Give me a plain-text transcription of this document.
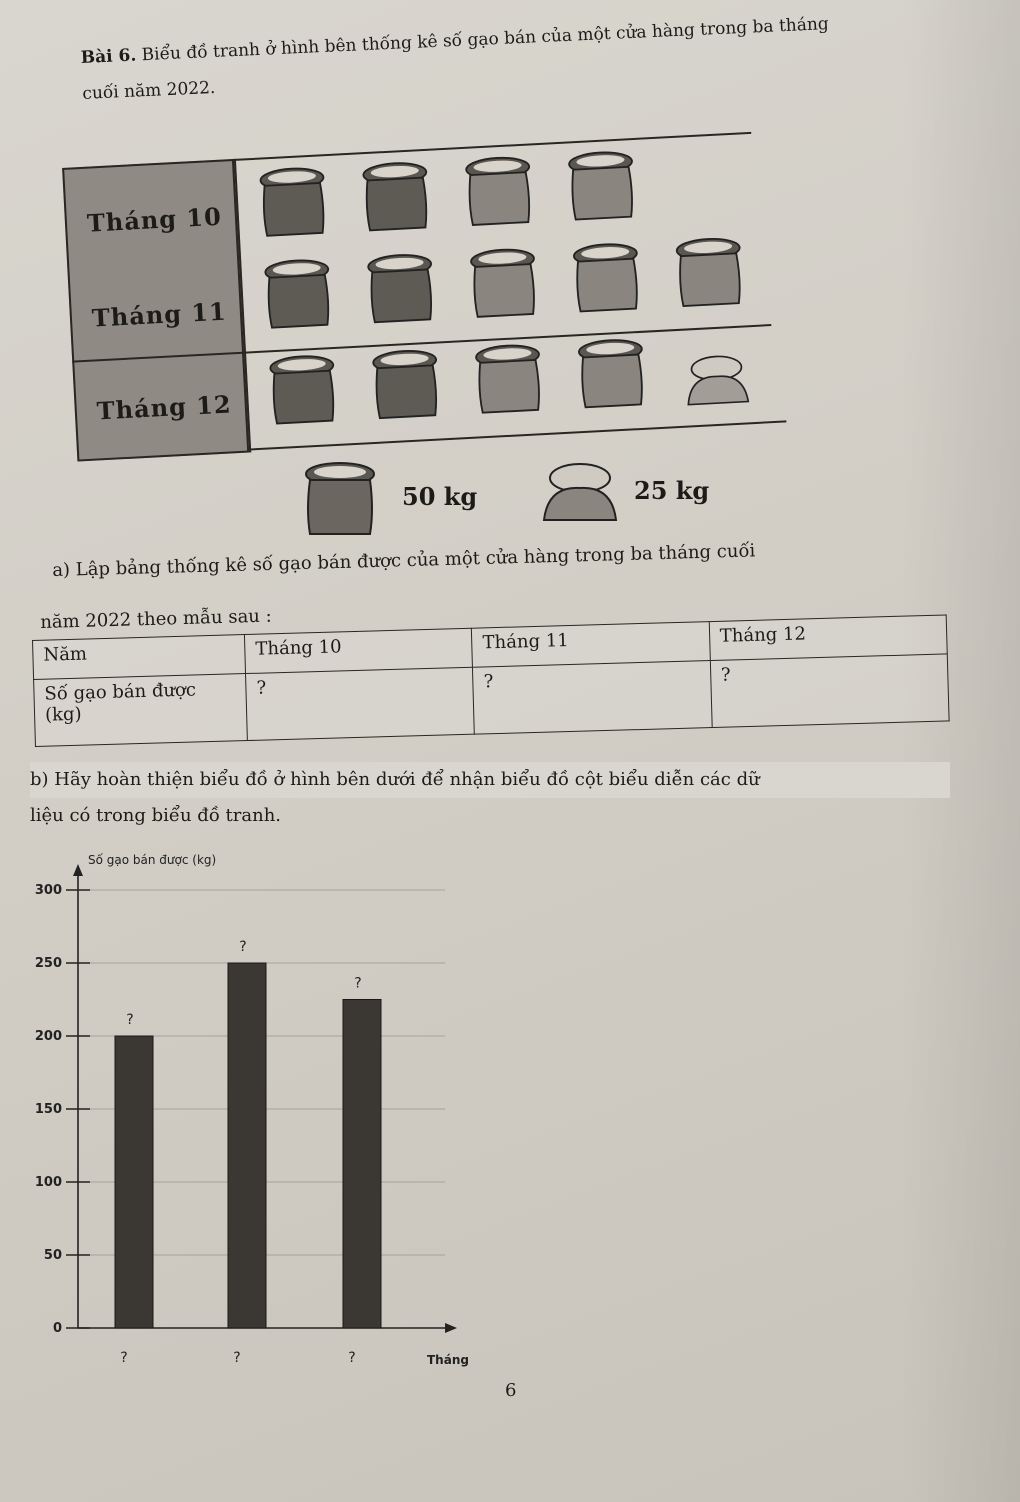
Bài 6. Biểu đồ tranh ở hình bên thống kê số gạo bán của một cửa hàng trong ba tháng
cuối năm 2022.
Tháng 10
Tháng 11
Tháng 12
50 kg	25 kg
a) Lập bảng thống kê số gạo bán được của một cửa hàng trong ba tháng cuối
năm 2022 theo mẫu sau :
Năm	Tháng 10	Tháng 11	Tháng 12
Số gạo bán được (kg)	?	?	?
b) Hãy hoàn thiện biểu đồ ở hình bên dưới để nhận biểu đồ cột biểu diễn các dữ
liệu có trong biểu đồ tranh.
Số gạo bán được (kg)
Tháng
0
50
100
150
200
250
300
?
?
?
?
?
?
6
